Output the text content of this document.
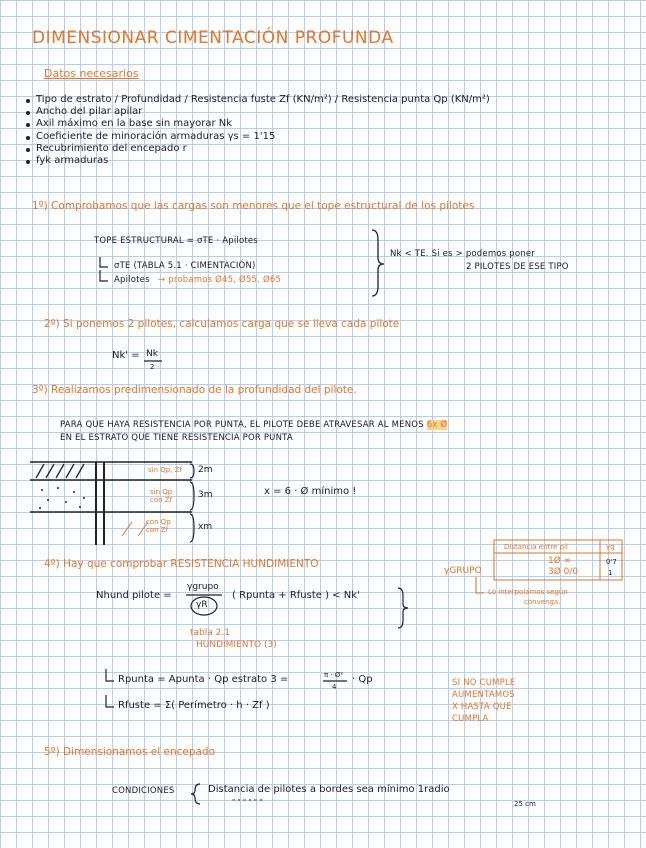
DIMENSIONAR CIMENTACIÓN PROFUNDA
Datos necesarios
Tipo de estrato / Profundidad / Resistencia fuste Zf (KN/m²) / Resistencia punta Qp (KN/m²)
Ancho del pilar apilar
Axil máximo en la base sin mayorar Nk
Coeficiente de minoración armaduras γs = 1'15
Recubrimiento del encepado r
fyk armaduras
1º) Comprobamos que las cargas son menores que el tope estructural de los pilotes
TOPE ESTRUCTURAL = σTE · Apilotes
σTE (TABLA 5.1 · CIMENTACIÓN)
Apilotes → probamos Ø45, Ø55, Ø65
Nk < TE. Si es > podemos poner
2 PILOTES DE ESE TIPO
2º) Si ponemos 2 pilotes, calculamos carga que se lleva cada pilote
Nk' = Nk
2
3º) Realizamos predimensionado de la profundidad del pilote.
PARA QUE HAYA RESISTENCIA POR PUNTA, EL PILOTE DEBE ATRAVESAR AL MENOS 6x Ø
EN EL ESTRATO QUE TIENE RESISTENCIA POR PUNTA
sin Qp, Zf 2m
sin Qp con Zf	3m
con Qp con Zf	xm
x = 6 · Ø mínimo !
4º) Hay que comprobar RESISTENCIA HUNDIMIENTO
Nhund pilote =
γgrupo
γR
( Rpunta + Rfuste ) < Nk'
tabla 2.1
HUNDIMIENTO (3)
Distancia entre pil	γg
1Ø ∞	0'7
3Ø 0/0	1
γGRUPO
Lo interpolamos según
convenga.
Rpunta = Apunta · Qp estrato 3 =	π · Ø²
4
· Qp
Rfuste = Σ( Perímetro · h · Zf )
SI NO CUMPLE
AUMENTAMOS
X HASTA QUE
CUMPLA
5º) Dimensionamos el encepado
CONDICIONES	Distancia de pilotes a bordes sea mínimo 1radio
" " " " " "	25 cm
